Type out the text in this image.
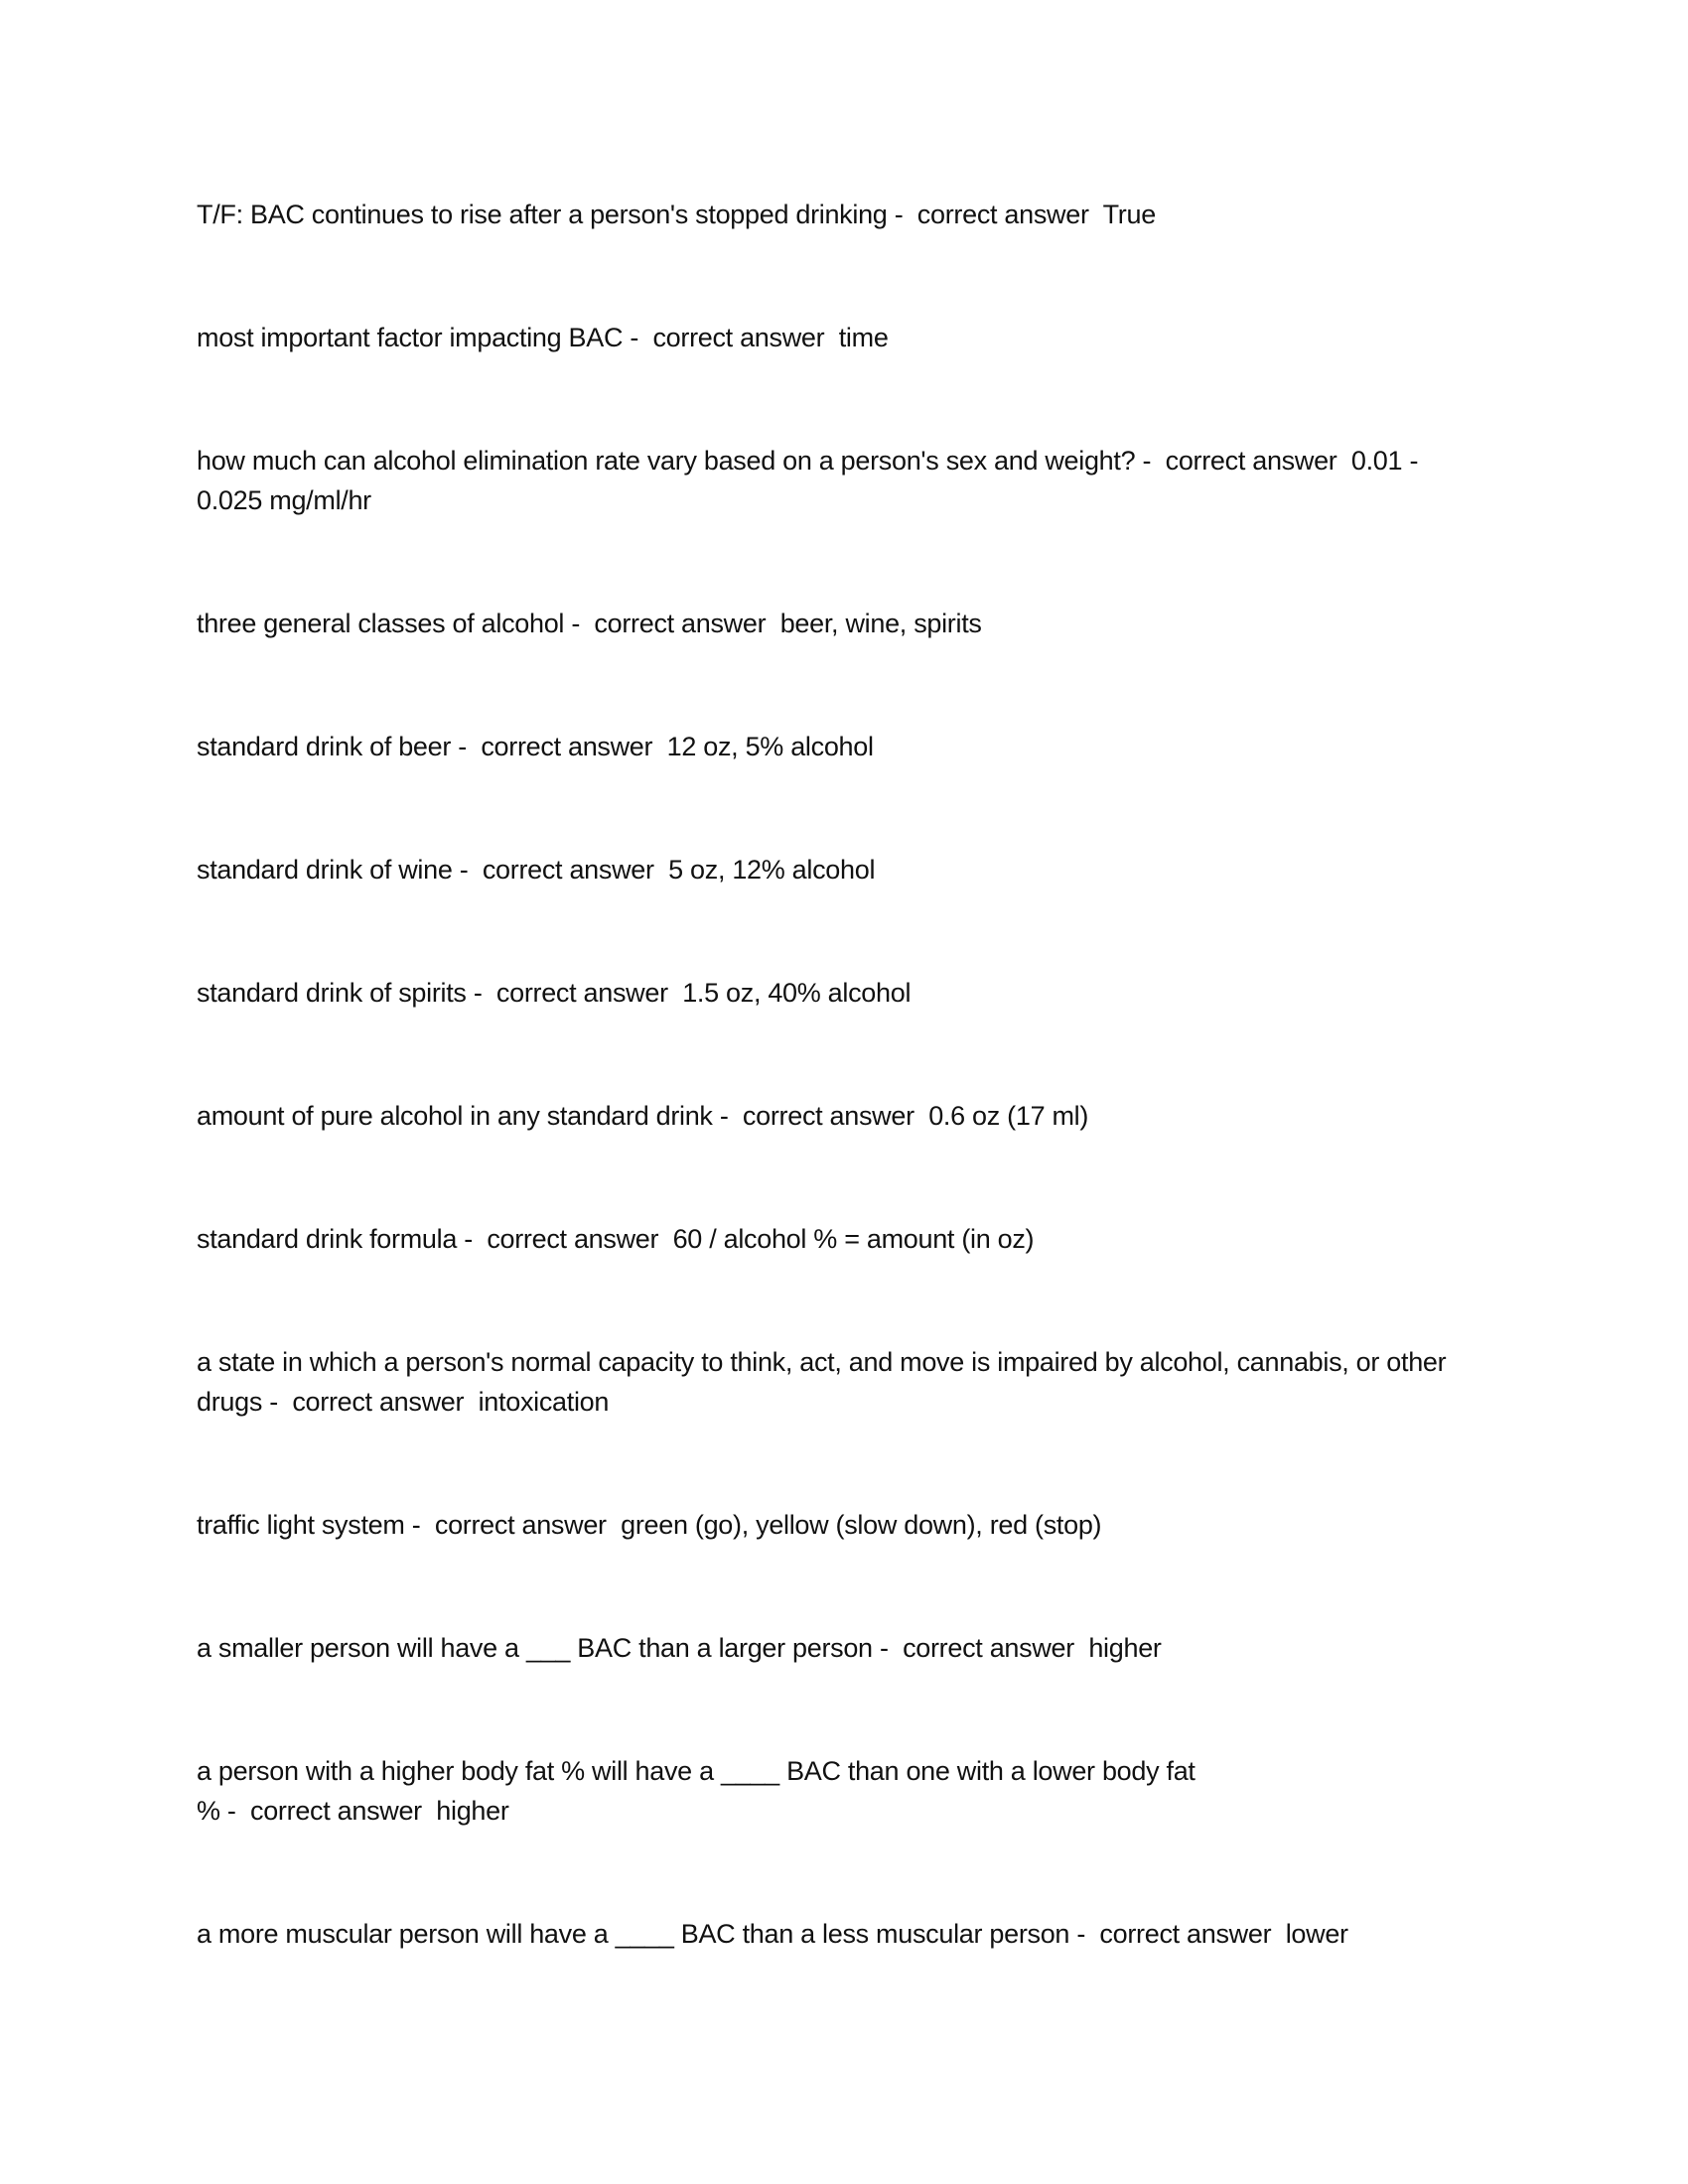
T/F: BAC continues to rise after a person's stopped drinking -  correct answer  True

most important factor impacting BAC -  correct answer  time

how much can alcohol elimination rate vary based on a person's sex and weight? -  correct answer  0.01 - 0.025 mg/ml/hr

three general classes of alcohol -  correct answer  beer, wine, spirits

standard drink of beer -  correct answer  12 oz, 5% alcohol

standard drink of wine -  correct answer  5 oz, 12% alcohol

standard drink of spirits -  correct answer  1.5 oz, 40% alcohol

amount of pure alcohol in any standard drink -  correct answer  0.6 oz (17 ml)

standard drink formula -  correct answer  60 / alcohol % = amount (in oz)

a state in which a person's normal capacity to think, act, and move is impaired by alcohol, cannabis, or other drugs -  correct answer  intoxication

traffic light system -  correct answer  green (go), yellow (slow down), red (stop)

a smaller person will have a ___ BAC than a larger person -  correct answer  higher

a person with a higher body fat % will have a ____ BAC than one with a lower body fat % -  correct answer  higher

a more muscular person will have a ____ BAC than a less muscular person -  correct answer  lower
